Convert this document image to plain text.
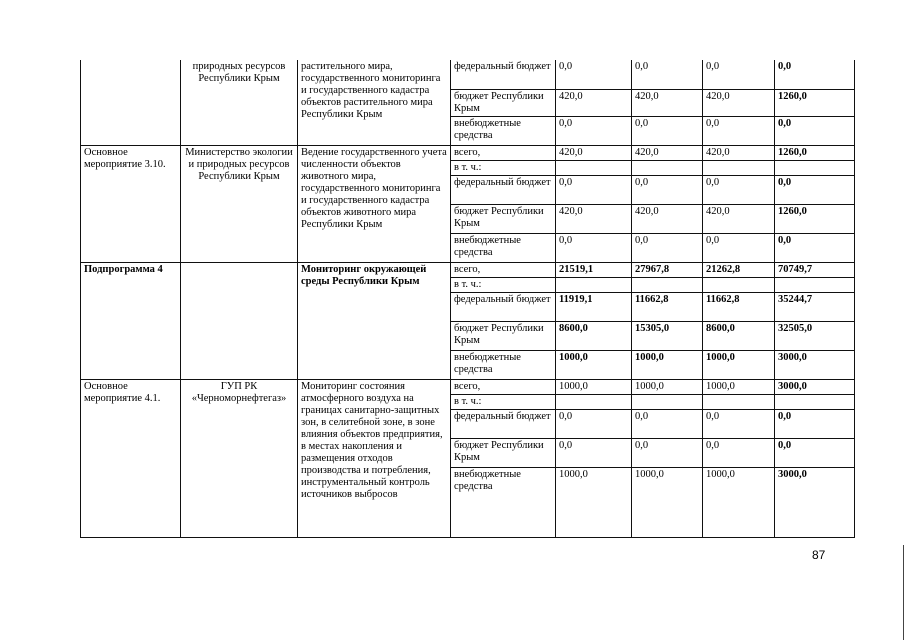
	природных ресурсов Республики Крым	растительного мира, государственного мониторинга и государственного кадастра объектов растительного мира Республики Крым	федеральный бюджет	0,0	0,0	0,0	0,0
			бюджет Республики Крым	420,0	420,0	420,0	1260,0
			внебюджетные средства	0,0	0,0	0,0	0,0
Основное мероприятие 3.10.	Министерство экологии и природных ресурсов Республики Крым	Ведение государственного учета численности объектов животного мира, государственного мониторинга и государственного кадастра объектов животного мира Республики Крым	всего,	420,0	420,0	420,0	1260,0
			в т. ч.:				
			федеральный бюджет	0,0	0,0	0,0	0,0
			бюджет Республики Крым	420,0	420,0	420,0	1260,0
			внебюджетные средства	0,0	0,0	0,0	0,0
Подпрограмма 4		Мониторинг окружающей среды Республики Крым	всего,	21519,1	27967,8	21262,8	70749,7
			в т. ч.:				
			федеральный бюджет	11919,1	11662,8	11662,8	35244,7
			бюджет Республики Крым	8600,0	15305,0	8600,0	32505,0
			внебюджетные средства	1000,0	1000,0	1000,0	3000,0
Основное мероприятие 4.1.	ГУП РК «Черноморнефтегаз»	Мониторинг состояния атмосферного воздуха на границах санитарно-защитных зон, в селитебной зоне, в зоне влияния объектов предприятия, в местах накопления и размещения отходов производства и потребления, инструментальный контроль источников выбросов	всего,	1000,0	1000,0	1000,0	3000,0
			в т. ч.:				
			федеральный бюджет	0,0	0,0	0,0	0,0
			бюджет Республики Крым	0,0	0,0	0,0	0,0
			внебюджетные средства	1000,0	1000,0	1000,0	3000,0
87
